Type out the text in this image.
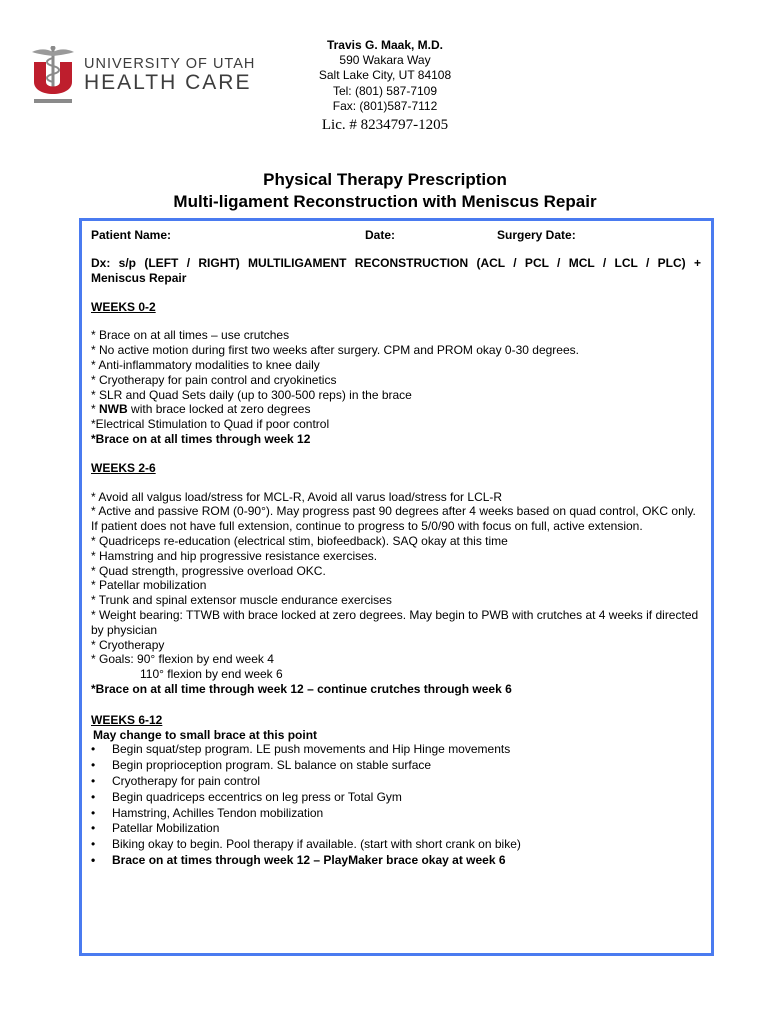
UNIVERSITY OF UTAH
HEALTH CARE
Travis G. Maak, M.D.
590 Wakara Way
Salt Lake City, UT 84108
Tel: (801) 587-7109
Fax: (801)587-7112
Lic. # 8234797-1205
Physical Therapy Prescription
Multi-ligament Reconstruction with Meniscus Repair
Patient Name:	Date:	Surgery Date:
Dx: s/p (LEFT / RIGHT) MULTILIGAMENT RECONSTRUCTION (ACL / PCL / MCL / LCL / PLC) +
Meniscus Repair
WEEKS 0-2
* Brace on at all times – use crutches
* No active motion during first two weeks after surgery. CPM and PROM okay 0-30 degrees.
* Anti-inflammatory modalities to knee daily
* Cryotherapy for pain control and cryokinetics
* SLR and Quad Sets daily (up to 300-500 reps) in the brace
* NWB with brace locked at zero degrees
*Electrical Stimulation to Quad if poor control
*Brace on at all times through week 12
WEEKS 2-6
* Avoid all valgus load/stress for MCL-R, Avoid all varus load/stress for LCL-R
* Active and passive ROM (0-90°). May progress past 90 degrees after 4 weeks based on quad control, OKC only. If patient does not have full extension, continue to progress to 5/0/90 with focus on full, active extension.
* Quadriceps re-education (electrical stim, biofeedback). SAQ okay at this time
* Hamstring and hip progressive resistance exercises.
* Quad strength, progressive overload OKC.
* Patellar mobilization
* Trunk and spinal extensor muscle endurance exercises
* Weight bearing: TTWB with brace locked at zero degrees. May begin to PWB with crutches at 4 weeks if directed by physician
* Cryotherapy
* Goals: 90° flexion by end week 4
110° flexion by end week 6
*Brace on at all time through week 12 – continue crutches through week 6
WEEKS 6-12
May change to small brace at this point
• Begin squat/step program. LE push movements and Hip Hinge movements
• Begin proprioception program. SL balance on stable surface
• Cryotherapy for pain control
• Begin quadriceps eccentrics on leg press or Total Gym
• Hamstring, Achilles Tendon mobilization
• Patellar Mobilization
• Biking okay to begin. Pool therapy if available. (start with short crank on bike)
• Brace on at times through week 12 – PlayMaker brace okay at week 6
